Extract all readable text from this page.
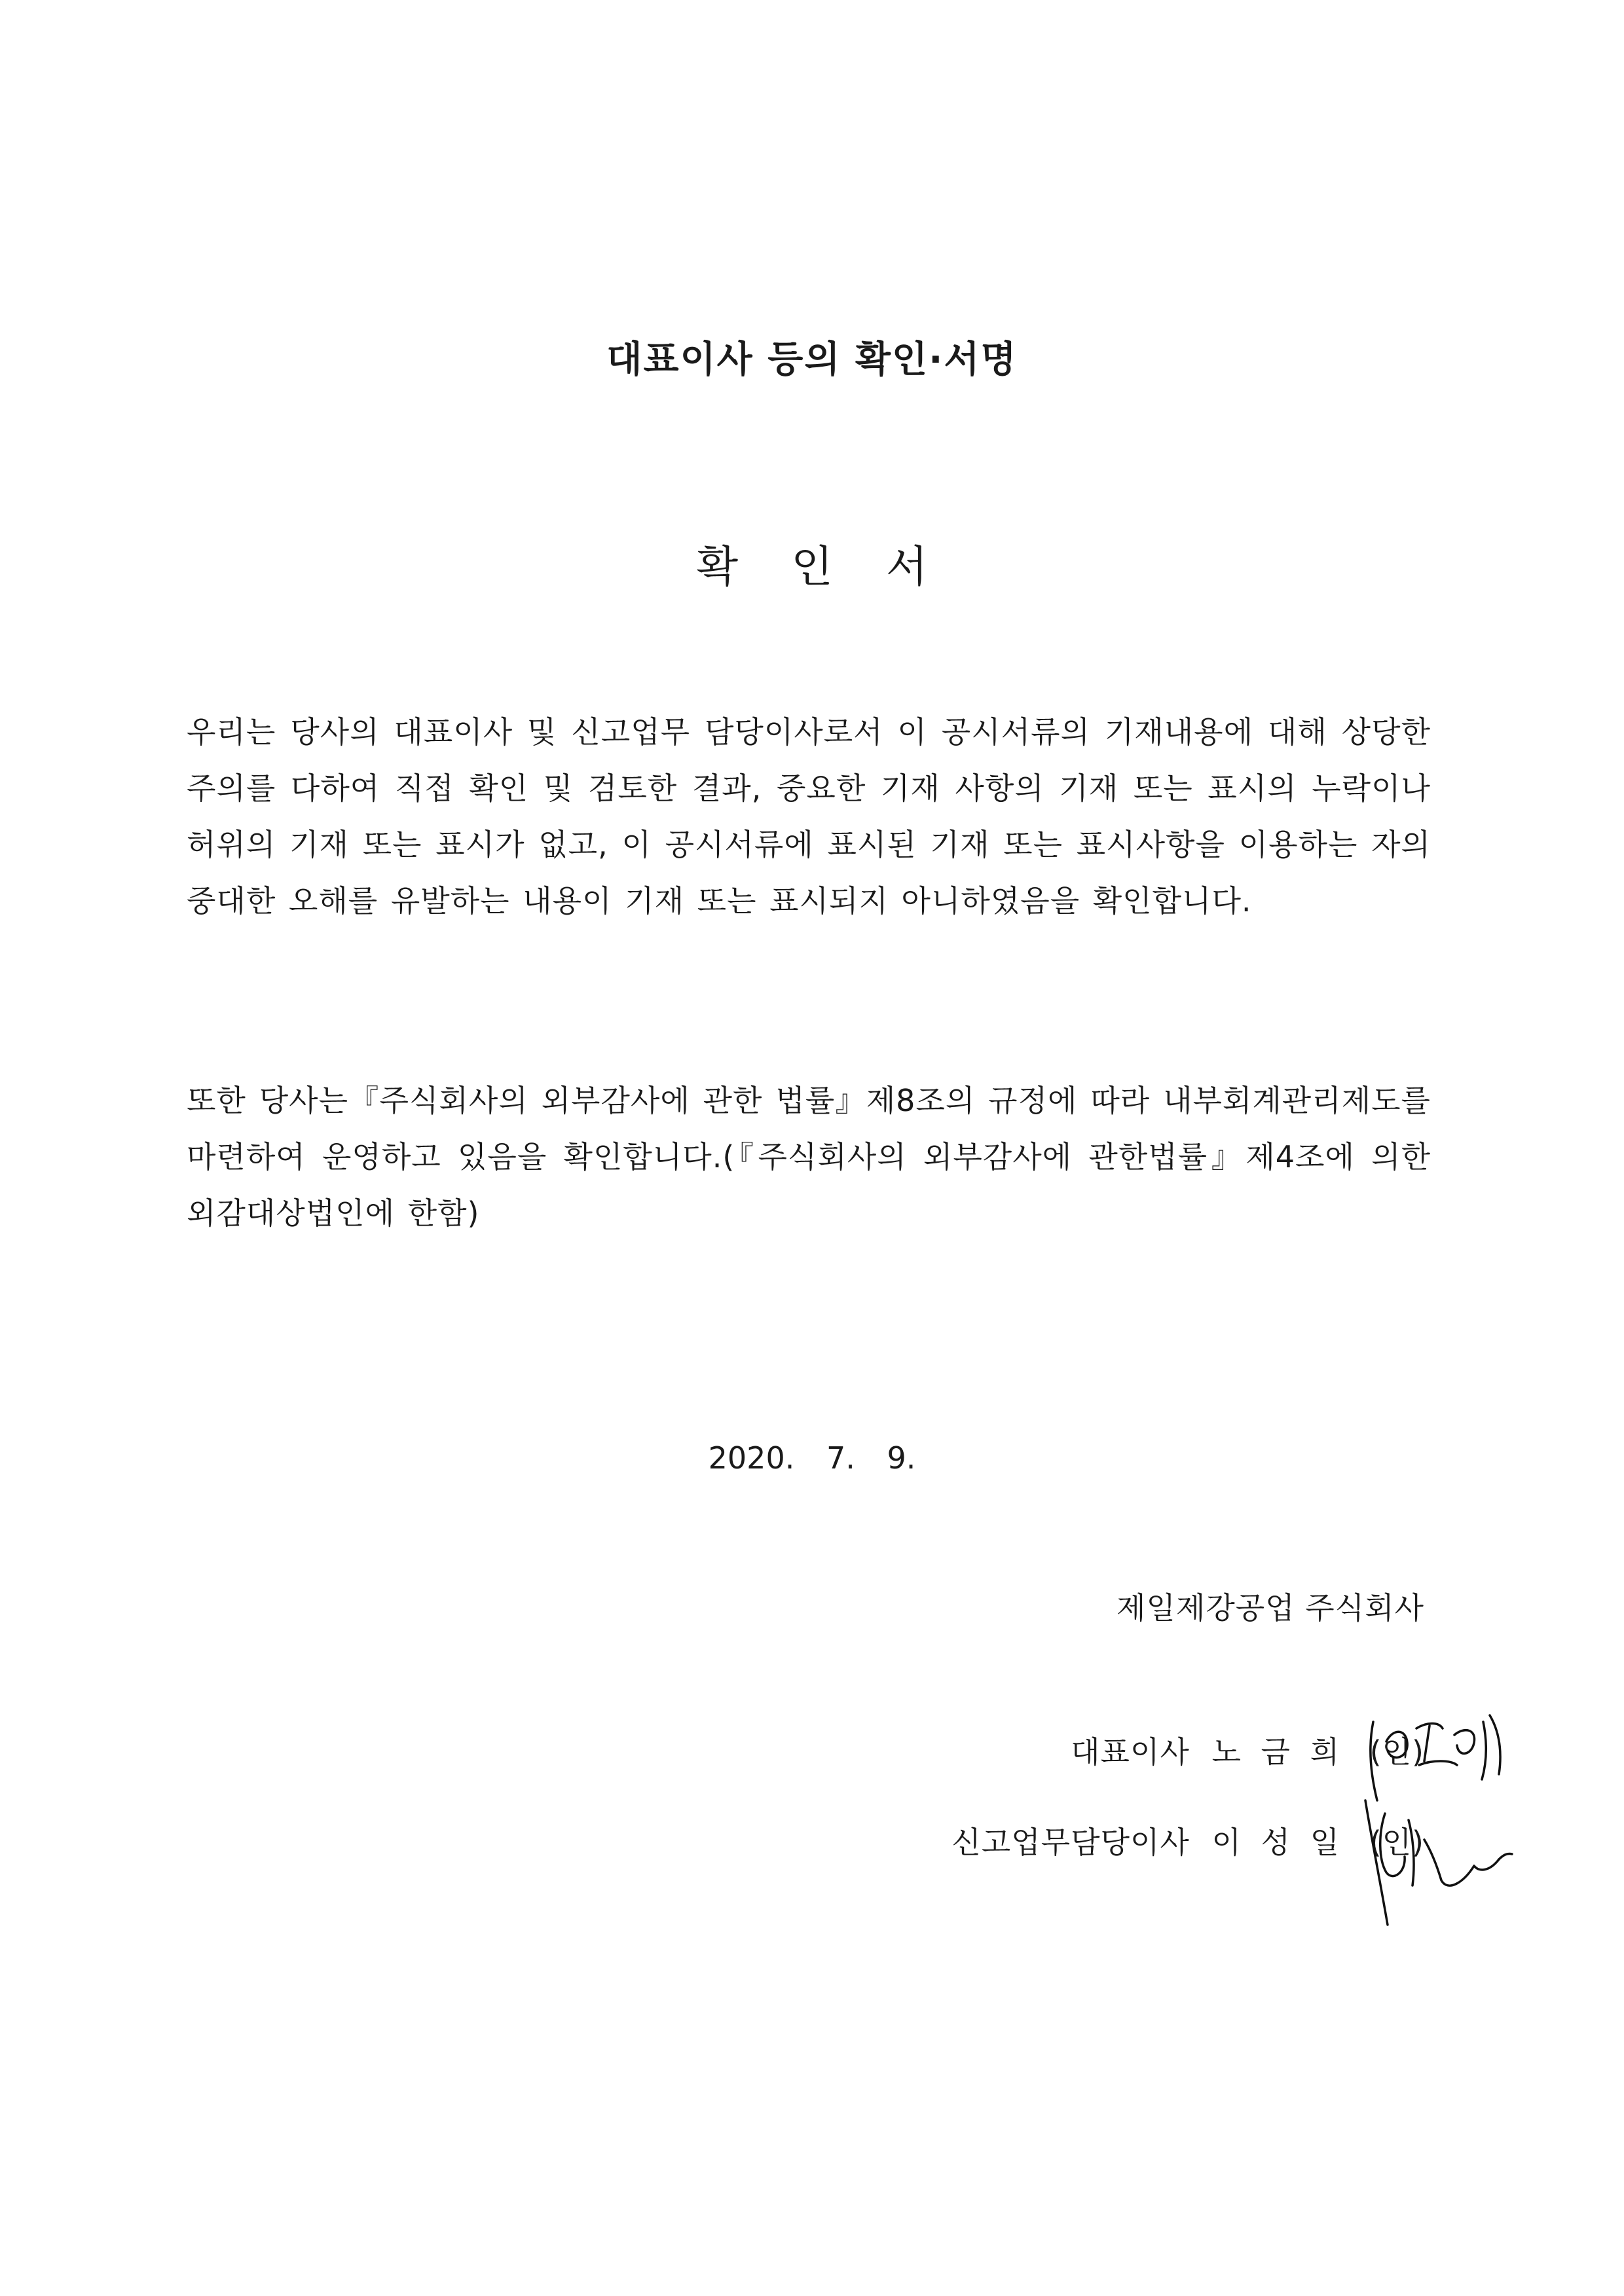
대표이사 등의 확인·서명
확 인 서

우리는 당사의 대표이사 및 신고업무 담당이사로서 이 공시서류의 기재내용에 대해 상당한 주의를 다하여 직접 확인 및 검토한 결과, 중요한 기재 사항의 기재 또는 표시의 누락이나 허위의 기재 또는 표시가 없고, 이 공시서류에 표시된 기재 또는 표시사항을 이용하는 자의 중대한 오해를 유발하는 내용이 기재 또는 표시되지 아니하였음을 확인합니다.

또한 당사는『주식회사의 외부감사에 관한 법률』제8조의 규정에 따라 내부회계관리제도를 마련하여 운영하고 있음을 확인합니다.(『주식회사의 외부감사에 관한법률』제4조에 의한 외감대상법인에 한함)

2020. 7. 9.
제일제강공업 주식회사
대표이사 노 금 희 (인)
신고업무담당이사 이 성 일 (인)
